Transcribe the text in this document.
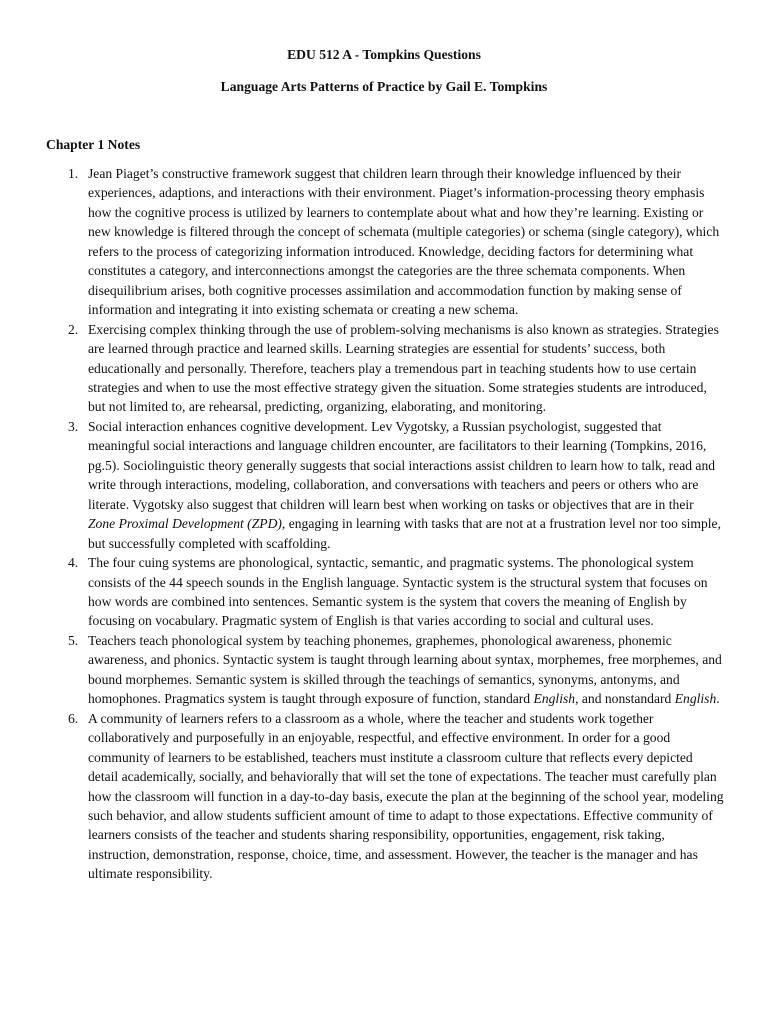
EDU 512 A - Tompkins Questions
Language Arts Patterns of Practice by Gail E. Tompkins
Chapter 1 Notes
1. Jean Piaget’s constructive framework suggest that children learn through their knowledge influenced by their experiences, adaptions, and interactions with their environment. Piaget’s information-processing theory emphasis how the cognitive process is utilized by learners to contemplate about what and how they’re learning. Existing or new knowledge is filtered through the concept of schemata (multiple categories) or schema (single category), which refers to the process of categorizing information introduced. Knowledge, deciding factors for determining what constitutes a category, and interconnections amongst the categories are the three schemata components. When disequilibrium arises, both cognitive processes assimilation and accommodation function by making sense of information and integrating it into existing schemata or creating a new schema.
2. Exercising complex thinking through the use of problem-solving mechanisms is also known as strategies. Strategies are learned through practice and learned skills. Learning strategies are essential for students’ success, both educationally and personally. Therefore, teachers play a tremendous part in teaching students how to use certain strategies and when to use the most effective strategy given the situation. Some strategies students are introduced, but not limited to, are rehearsal, predicting, organizing, elaborating, and monitoring.
3. Social interaction enhances cognitive development. Lev Vygotsky, a Russian psychologist, suggested that meaningful social interactions and language children encounter, are facilitators to their learning (Tompkins, 2016, pg.5). Sociolinguistic theory generally suggests that social interactions assist children to learn how to talk, read and write through interactions, modeling, collaboration, and conversations with teachers and peers or others who are literate. Vygotsky also suggest that children will learn best when working on tasks or objectives that are in their Zone Proximal Development (ZPD), engaging in learning with tasks that are not at a frustration level nor too simple, but successfully completed with scaffolding.
4. The four cuing systems are phonological, syntactic, semantic, and pragmatic systems. The phonological system consists of the 44 speech sounds in the English language. Syntactic system is the structural system that focuses on how words are combined into sentences. Semantic system is the system that covers the meaning of English by focusing on vocabulary. Pragmatic system of English is that varies according to social and cultural uses.
5. Teachers teach phonological system by teaching phonemes, graphemes, phonological awareness, phonemic awareness, and phonics. Syntactic system is taught through learning about syntax, morphemes, free morphemes, and bound morphemes. Semantic system is skilled through the teachings of semantics, synonyms, antonyms, and homophones. Pragmatics system is taught through exposure of function, standard English, and nonstandard English.
6. A community of learners refers to a classroom as a whole, where the teacher and students work together collaboratively and purposefully in an enjoyable, respectful, and effective environment. In order for a good community of learners to be established, teachers must institute a classroom culture that reflects every depicted detail academically, socially, and behaviorally that will set the tone of expectations. The teacher must carefully plan how the classroom will function in a day-to-day basis, execute the plan at the beginning of the school year, modeling such behavior, and allow students sufficient amount of time to adapt to those expectations. Effective community of learners consists of the teacher and students sharing responsibility, opportunities, engagement, risk taking, instruction, demonstration, response, choice, time, and assessment. However, the teacher is the manager and has ultimate responsibility.
